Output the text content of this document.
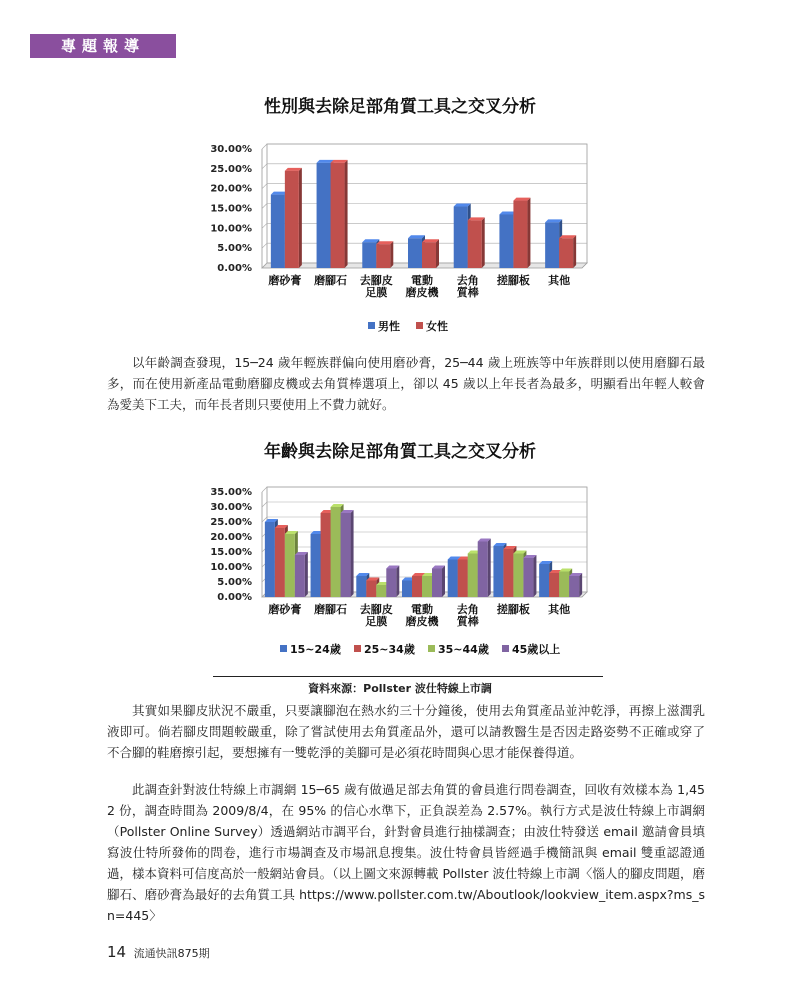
專題報導
性別與去除足部角質工具之交叉分析
0.00%
5.00%
10.00%
15.00%
20.00%
25.00%
30.00%
磨砂膏 磨腳石 去腳皮
足膜
電動
磨皮機
去角
質棒
搓腳板 其他
男性 女性

以年齡調查發現，15─24 歲年輕族群偏向使用磨砂膏，25─44 歲上班族等中年族群則以使用磨腳石最多，而在使用新產品電動磨腳皮機或去角質棒選項上，卻以 45 歲以上年長者為最多，明顯看出年輕人較會為愛美下工夫，而年長者則只要使用上不費力就好。

年齡與去除足部角質工具之交叉分析
0.00%
5.00%
10.00%
15.00%
20.00%
25.00%
30.00%
35.00%
磨砂膏 磨腳石 去腳皮
足膜
電動
磨皮機
去角
質棒
搓腳板 其他
15~24歲 25~34歲 35~44歲 45歲以上
資料來源：Pollster 波仕特線上市調

其實如果腳皮狀況不嚴重，只要讓腳泡在熱水約三十分鐘後，使用去角質產品並沖乾淨，再擦上滋潤乳液即可。倘若腳皮問題較嚴重，除了嘗試使用去角質產品外，還可以請教醫生是否因走路姿勢不正確或穿了不合腳的鞋磨擦引起，要想擁有一雙乾淨的美腳可是必須花時間與心思才能保養得道。

此調查針對波仕特線上市調網 15─65 歲有做過足部去角質的會員進行問卷調查，回收有效樣本為 1,452 份，調查時間為 2009/8/4，在 95% 的信心水準下，正負誤差為 2.57%。執行方式是波仕特線上市調網（Pollster Online Survey）透過網站市調平台，針對會員進行抽樣調查；由波仕特發送 email 邀請會員填寫波仕特所發佈的問卷，進行市場調查及市場訊息搜集。波仕特會員皆經過手機簡訊與 email 雙重認證通過，樣本資料可信度高於一般網站會員。（以上圖文來源轉載 Pollster 波仕特線上市調〈惱人的腳皮問題，磨腳石、磨砂膏為最好的去角質工具 https://www.pollster.com.tw/Aboutlook/lookview_item.aspx?ms_sn=445〉

14 流通快訊875期
